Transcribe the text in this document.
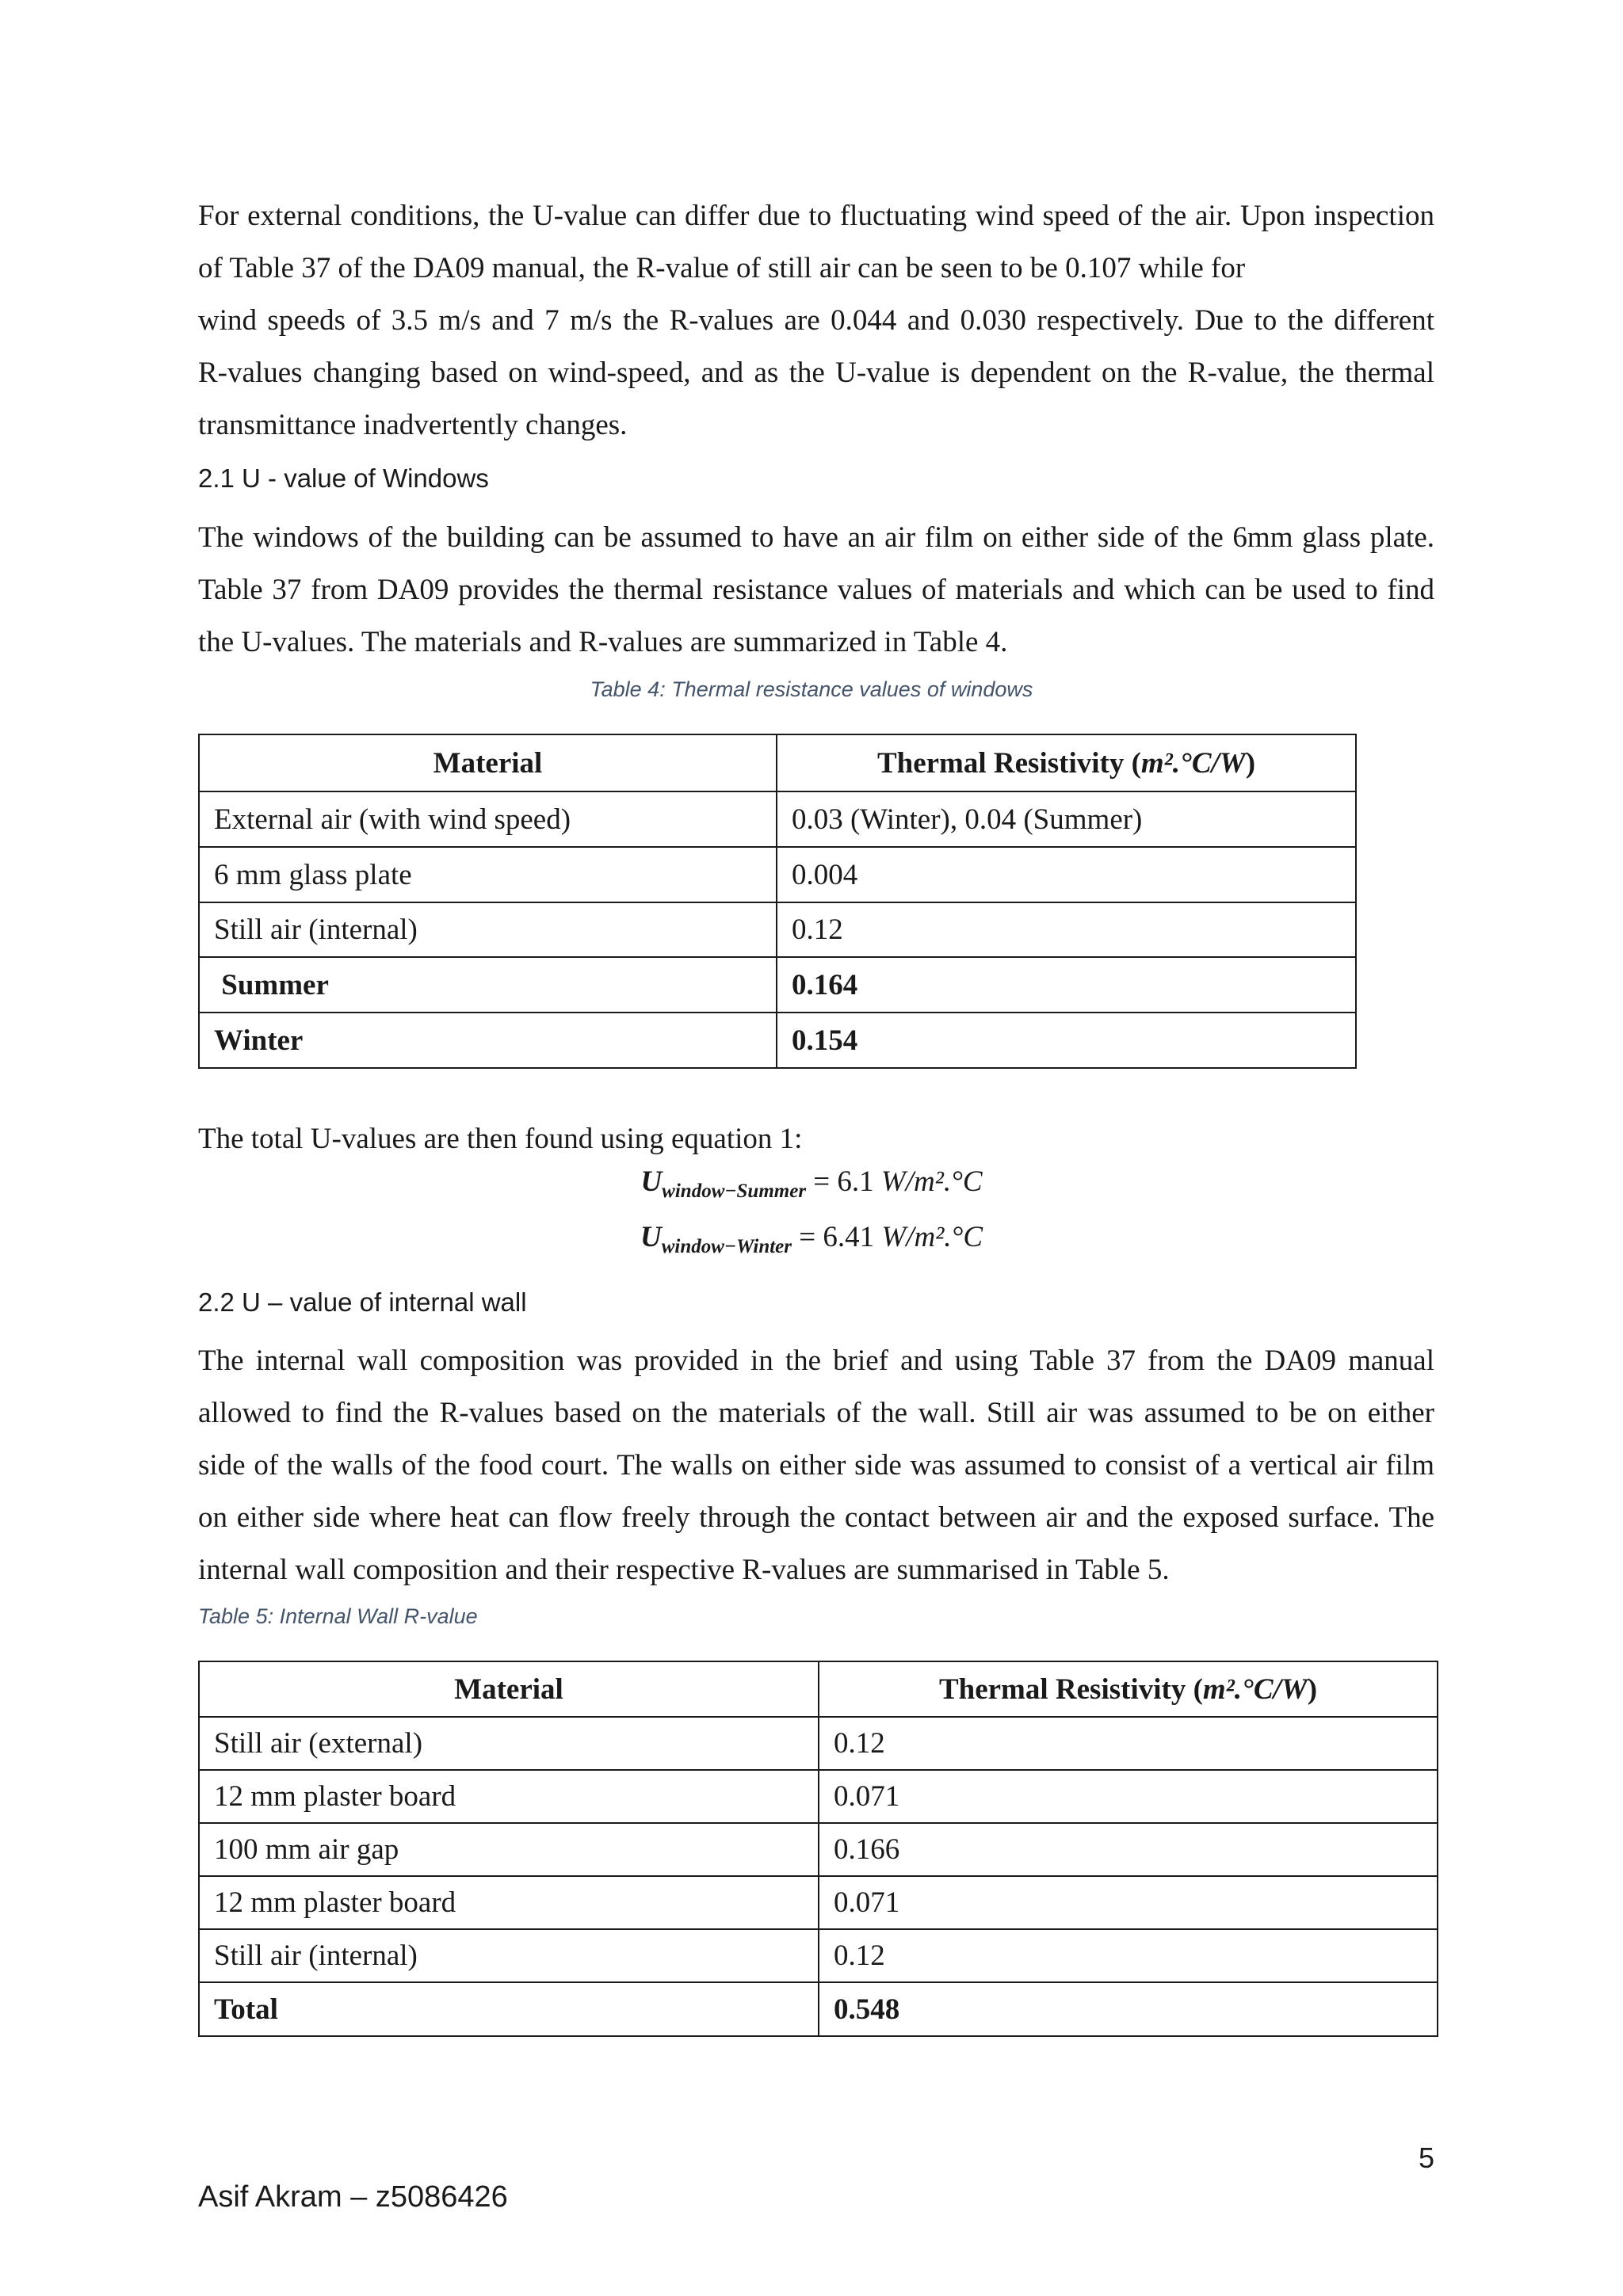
For external conditions, the U-value can differ due to fluctuating wind speed of the air. Upon inspection
of Table 37 of the DA09 manual, the R-value of still air can be seen to be 0.107 while for
wind speeds of 3.5 m/s and 7 m/s the R-values are 0.044 and 0.030 respectively. Due to the different
R-values changing based on wind-speed, and as the U-value is dependent on the R-value, the thermal
transmittance inadvertently changes.
2.1 U - value of Windows
The windows of the building can be assumed to have an air film on either side of the 6mm glass plate.
Table 37 from DA09 provides the thermal resistance values of materials and which can be used to find
the U-values. The materials and R-values are summarized in Table 4.

Table 4: Thermal resistance values of windows

Material	Thermal Resistivity (m².°C/W)
External air (with wind speed)	0.03 (Winter), 0.04 (Summer)
6 mm glass plate	0.004
Still air (internal)	0.12
Summer	0.164
Winter	0.154

The total U-values are then found using equation 1:

$U_{window-Summer} = 6.1$ W/m².°C

$U_{window-Winter} = 6.41$ W/m².°C

2.2 U – value of internal wall
The internal wall composition was provided in the brief and using Table 37 from the DA09 manual
allowed to find the R-values based on the materials of the wall. Still air was assumed to be on either
side of the walls of the food court. The walls on either side was assumed to consist of a vertical air film
on either side where heat can flow freely through the contact between air and the exposed surface. The
internal wall composition and their respective R-values are summarised in Table 5.

Table 5: Internal Wall R-value

Material	Thermal Resistivity (m².°C/W)
Still air (external)	0.12
12 mm plaster board	0.071
100 mm air gap	0.166
12 mm plaster board	0.071
Still air (internal)	0.12
Total	0.548

5

Asif Akram – z5086426
